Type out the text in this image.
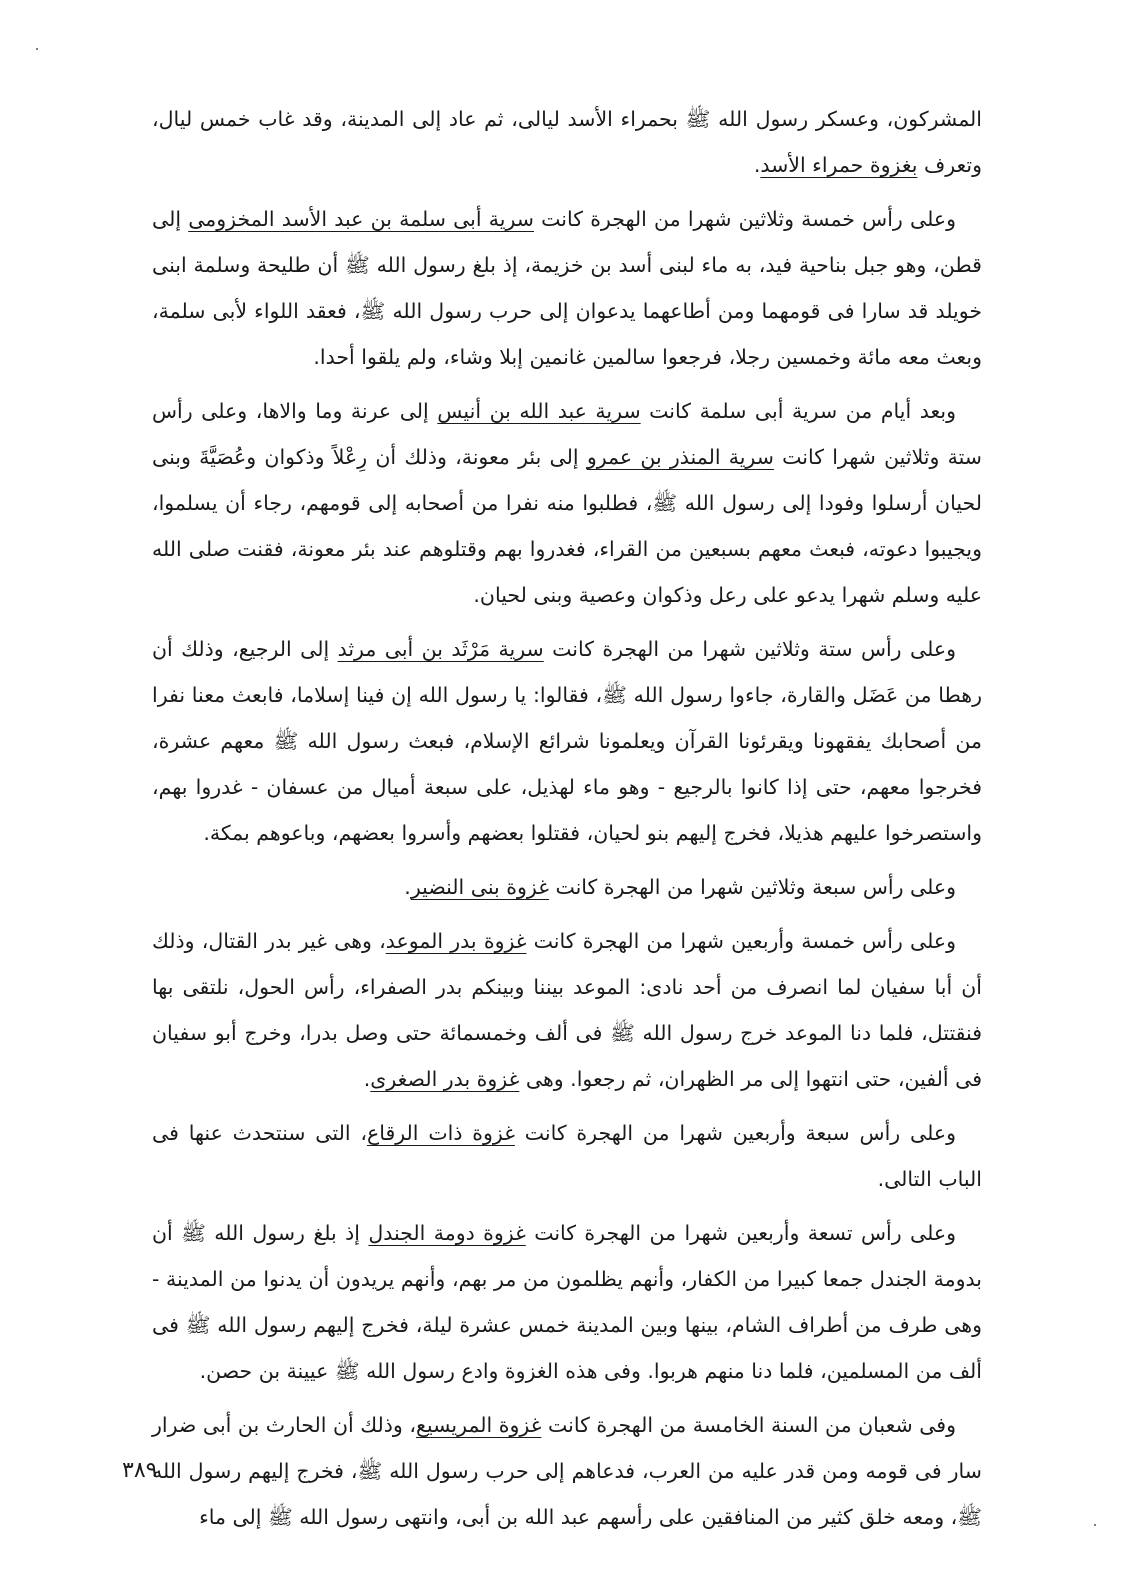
المشركون، وعسكر رسول الله ﷺ بحمراء الأسد ليالى، ثم عاد إلى المدينة، وقد غاب خمس ليال، وتعرف بغزوة حمراء الأسد.

وعلى رأس خمسة وثلاثين شهرا من الهجرة كانت سرية أبى سلمة بن عبد الأسد المخزومى إلى قطن، وهو جبل بناحية فيد، به ماء لبنى أسد بن خزيمة، إذ بلغ رسول الله ﷺ أن طليحة وسلمة ابنى خويلد قد سارا فى قومهما ومن أطاعهما يدعوان إلى حرب رسول الله ﷺ، فعقد اللواء لأبى سلمة، وبعث معه مائة وخمسين رجلا، فرجعوا سالمين غانمين إبلا وشاء، ولم يلقوا أحدا.

وبعد أيام من سرية أبى سلمة كانت سرية عبد الله بن أنيس إلى عرنة وما والاها، وعلى رأس ستة وثلاثين شهرا كانت سرية المنذر بن عمرو إلى بئر معونة، وذلك أن رِعْلاً وذكوان وعُصَيَّةَ وبنى لحيان أرسلوا وفودا إلى رسول الله ﷺ، فطلبوا منه نفرا من أصحابه إلى قومهم، رجاء أن يسلموا، ويجيبوا دعوته، فبعث معهم بسبعين من القراء، فغدروا بهم وقتلوهم عند بئر معونة، فقنت صلى الله عليه وسلم شهرا يدعو على رعل وذكوان وعصية وبنى لحيان.

وعلى رأس ستة وثلاثين شهرا من الهجرة كانت سرية مَرْثَد بن أبى مرثد إلى الرجيع، وذلك أن رهطا من عَضَل والقارة، جاءوا رسول الله ﷺ، فقالوا: يا رسول الله إن فينا إسلاما، فابعث معنا نفرا من أصحابك يفقهونا ويقرئونا القرآن ويعلمونا شرائع الإسلام، فبعث رسول الله ﷺ معهم عشرة، فخرجوا معهم، حتى إذا كانوا بالرجيع - وهو ماء لهذيل، على سبعة أميال من عسفان - غدروا بهم، واستصرخوا عليهم هذيلا، فخرج إليهم بنو لحيان، فقتلوا بعضهم وأسروا بعضهم، وباعوهم بمكة.

وعلى رأس سبعة وثلاثين شهرا من الهجرة كانت غزوة بنى النضير.

وعلى رأس خمسة وأربعين شهرا من الهجرة كانت غزوة بدر الموعد، وهى غير بدر القتال، وذلك أن أبا سفيان لما انصرف من أحد نادى: الموعد بيننا وبينكم بدر الصفراء، رأس الحول، نلتقى بها فنقتتل، فلما دنا الموعد خرج رسول الله ﷺ فى ألف وخمسمائة حتى وصل بدرا، وخرج أبو سفيان فى ألفين، حتى انتهوا إلى مر الظهران، ثم رجعوا. وهى غزوة بدر الصغرى.

وعلى رأس سبعة وأربعين شهرا من الهجرة كانت غزوة ذات الرقاع، التى سنتحدث عنها فى الباب التالى.

وعلى رأس تسعة وأربعين شهرا من الهجرة كانت غزوة دومة الجندل إذ بلغ رسول الله ﷺ أن بدومة الجندل جمعا كبيرا من الكفار، وأنهم يظلمون من مر بهم، وأنهم يريدون أن يدنوا من المدينة - وهى طرف من أطراف الشام، بينها وبين المدينة خمس عشرة ليلة، فخرج إليهم رسول الله ﷺ فى ألف من المسلمين، فلما دنا منهم هربوا. وفى هذه الغزوة وادع رسول الله ﷺ عيينة بن حصن.

وفى شعبان من السنة الخامسة من الهجرة كانت غزوة المريسيع، وذلك أن الحارث بن أبى ضرار سار فى قومه ومن قدر عليه من العرب، فدعاهم إلى حرب رسول الله ﷺ، فخرج إليهم رسول الله ﷺ، ومعه خلق كثير من المنافقين على رأسهم عبد الله بن أبى، وانتهى رسول الله ﷺ إلى ماء

٣٨٩
